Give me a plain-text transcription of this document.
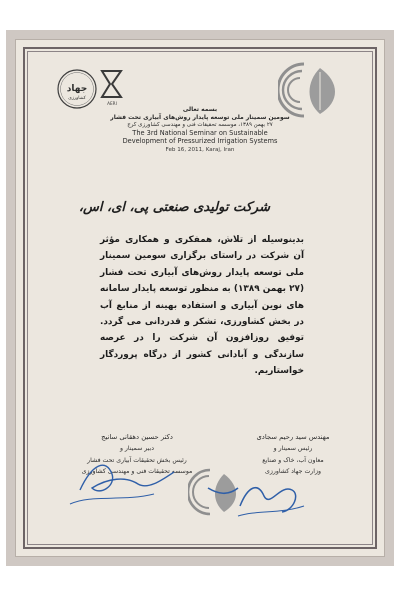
جهاد
کشاورزی
AERI
بسمه تعالی
سومین سمینار ملی توسعه پایدار روش‌های آبیاری تحت فشار
۲۷ بهمن ۱۳۸۹، موسسه تحقیقات فنی و مهندسی کشاورزی کرج
The 3rd National Seminar on Sustainable
Development of Pressurized Irrigation Systems
Feb 16, 2011, Karaj, Iran
شرکت تولیدی صنعتی پی، ای، اس،
بدینوسیله از تلاش، همفکری و همکاری مؤثر آن شرکت در راستای برگزاری سومین سمینار ملی توسعه پایدار روش‌های آبیاری تحت فشار (۲۷ بهمن ۱۳۸۹) به منظور توسعه پایدار سامانه های نوین آبیاری و استفاده بهینه از منابع آب در بخش کشاورزی، تشکر و قدردانی می گردد. توفیق روزافزون آن شرکت را در عرصه سازندگی و آبادانی کشور از درگاه پروردگار خواستاریم.
دکتر حسین دهقانی سانیج
دبیر سمینار و
رئیس بخش تحقیقات آبیاری تحت فشار
موسسه تحقیقات فنی و مهندسی کشاورزی
مهندس سید رحیم سجادی
رئیس سمینار و
معاون آب، خاک و صنایع
وزارت جهاد کشاورزی
